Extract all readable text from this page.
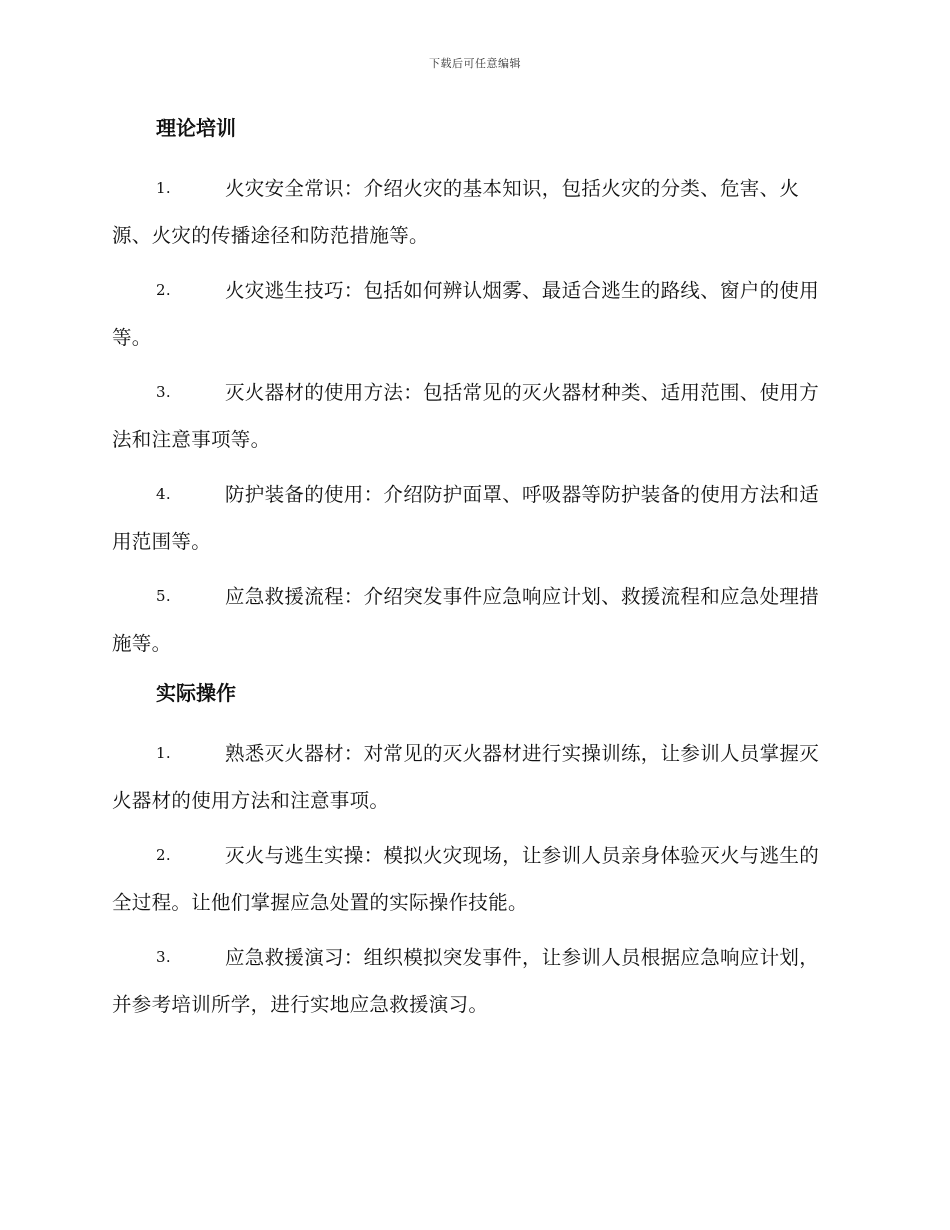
下载后可任意编辑
理论培训
1.	火灾安全常识：介绍火灾的基本知识，包括火灾的分类、危害、火源、火灾的传播途径和防范措施等。
2.	火灾逃生技巧：包括如何辨认烟雾、最适合逃生的路线、窗户的使用等。
3.	灭火器材的使用方法：包括常见的灭火器材种类、适用范围、使用方法和注意事项等。
4.	防护装备的使用：介绍防护面罩、呼吸器等防护装备的使用方法和适用范围等。
5.	应急救援流程：介绍突发事件应急响应计划、救援流程和应急处理措施等。
实际操作
1.	熟悉灭火器材：对常见的灭火器材进行实操训练，让参训人员掌握灭火器材的使用方法和注意事项。
2.	灭火与逃生实操：模拟火灾现场，让参训人员亲身体验灭火与逃生的全过程。让他们掌握应急处置的实际操作技能。
3.	应急救援演习：组织模拟突发事件，让参训人员根据应急响应计划，并参考培训所学，进行实地应急救援演习。
